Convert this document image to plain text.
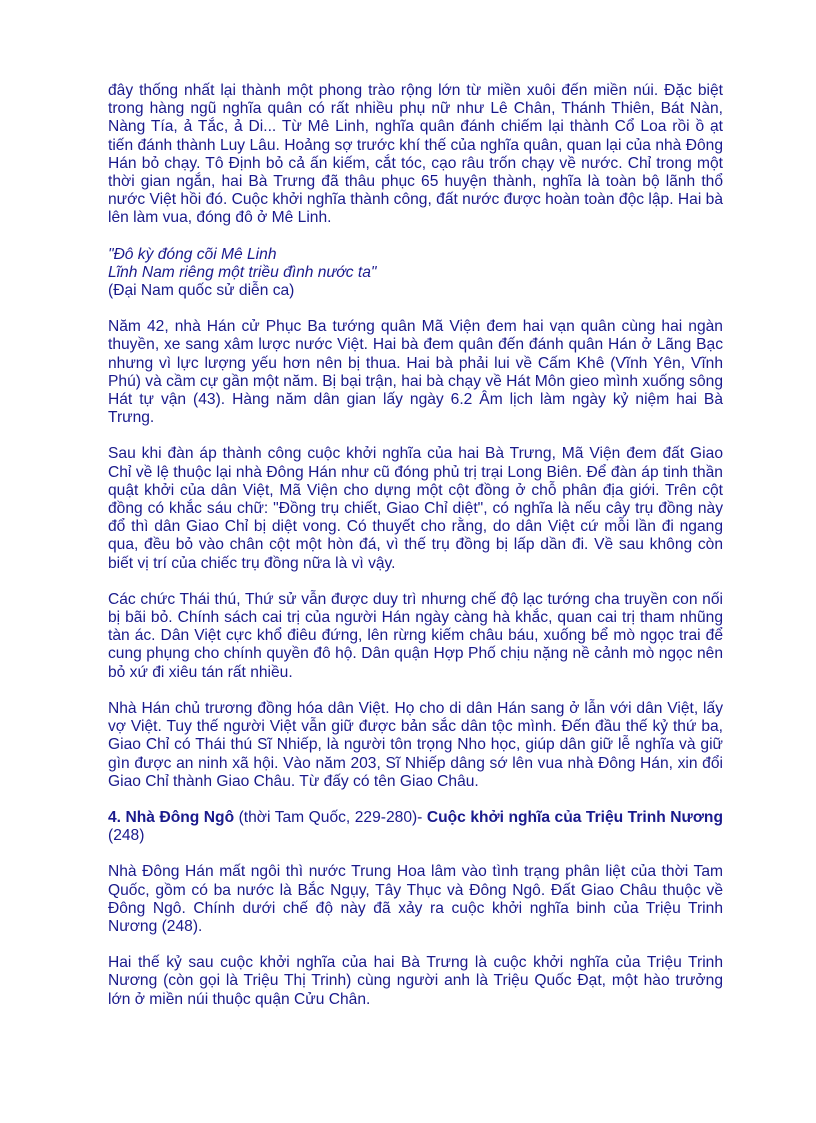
đây thống nhất lại thành một phong trào rộng lớn từ miền xuôi đến miền núi. Đặc biệt trong hàng ngũ nghĩa quân có rất nhiều phụ nữ như Lê Chân, Thánh Thiên, Bát Nàn, Nàng Tía, ả Tắc, ả Di... Từ Mê Linh, nghĩa quân đánh chiếm lại thành Cổ Loa rồi ồ ạt tiến đánh thành Luy Lâu. Hoảng sợ trước khí thế của nghĩa quân, quan lại của nhà Đông Hán bỏ chạy. Tô Định bỏ cả ấn kiếm, cắt tóc, cạo râu trốn chạy về nước. Chỉ trong một thời gian ngắn, hai Bà Trưng đã thâu phục 65 huyện thành, nghĩa là toàn bộ lãnh thổ nước Việt hồi đó. Cuộc khởi nghĩa thành công, đất nước được hoàn toàn độc lập. Hai bà lên làm vua, đóng đô ở Mê Linh.

"Đô kỳ đóng cõi Mê Linh
Lĩnh Nam riêng một triều đình nước ta"
(Đại Nam quốc sử diễn ca)

Năm 42, nhà Hán cử Phục Ba tướng quân Mã Viện đem hai vạn quân cùng hai ngàn thuyền, xe sang xâm lược nước Việt. Hai bà đem quân đến đánh quân Hán ở Lãng Bạc nhưng vì lực lượng yếu hơn nên bị thua. Hai bà phải lui về Cấm Khê (Vĩnh Yên, Vĩnh Phú) và cầm cự gần một năm. Bị bại trận, hai bà chạy về Hát Môn gieo mình xuống sông Hát tự vận (43). Hàng năm dân gian lấy ngày 6.2 Âm lịch làm ngày kỷ niệm hai Bà Trưng.

Sau khi đàn áp thành công cuộc khởi nghĩa của hai Bà Trưng, Mã Viện đem đất Giao Chỉ về lệ thuộc lại nhà Đông Hán như cũ đóng phủ trị trại Long Biên. Để đàn áp tinh thần quật khởi của dân Việt, Mã Viện cho dựng một cột đồng ở chỗ phân địa giới. Trên cột đồng có khắc sáu chữ: "Đồng trụ chiết, Giao Chỉ diệt", có nghĩa là nếu cây trụ đồng này đổ thì dân Giao Chỉ bị diệt vong. Có thuyết cho rằng, do dân Việt cứ mỗi lần đi ngang qua, đều bỏ vào chân cột một hòn đá, vì thế trụ đồng bị lấp dần đi. Về sau không còn biết vị trí của chiếc trụ đồng nữa là vì vậy.

Các chức Thái thú, Thứ sử vẫn được duy trì nhưng chế độ lạc tướng cha truyền con nối bị bãi bỏ. Chính sách cai trị của người Hán ngày càng hà khắc, quan cai trị tham nhũng tàn ác. Dân Việt cực khổ điêu đứng, lên rừng kiếm châu báu, xuống bể mò ngọc trai để cung phụng cho chính quyền đô hộ. Dân quận Hợp Phố chịu nặng nề cảnh mò ngọc nên bỏ xứ đi xiêu tán rất nhiều.

Nhà Hán chủ trương đồng hóa dân Việt. Họ cho di dân Hán sang ở lẫn với dân Việt, lấy vợ Việt. Tuy thế người Việt vẫn giữ được bản sắc dân tộc mình. Đến đầu thế kỷ thứ ba, Giao Chỉ có Thái thú Sĩ Nhiếp, là người tôn trọng Nho học, giúp dân giữ lễ nghĩa và giữ gìn được an ninh xã hội. Vào năm 203, Sĩ Nhiếp dâng sớ lên vua nhà Đông Hán, xin đổi Giao Chỉ thành Giao Châu. Từ đấy có tên Giao Châu.

4. Nhà Đông Ngô (thời Tam Quốc, 229-280)- Cuộc khởi nghĩa của Triệu Trinh Nương (248)

Nhà Đông Hán mất ngôi thì nước Trung Hoa lâm vào tình trạng phân liệt của thời Tam Quốc, gồm có ba nước là Bắc Ngụy, Tây Thục và Đông Ngô. Đất Giao Châu thuộc về Đông Ngô. Chính dưới chế độ này đã xảy ra cuộc khởi nghĩa binh của Triệu Trinh Nương (248).

Hai thế kỷ sau cuộc khởi nghĩa của hai Bà Trưng là cuộc khởi nghĩa của Triệu Trinh Nương (còn gọi là Triệu Thị Trinh) cùng người anh là Triệu Quốc Đạt, một hào trưởng lớn ở miền núi thuộc quận Cửu Chân.
